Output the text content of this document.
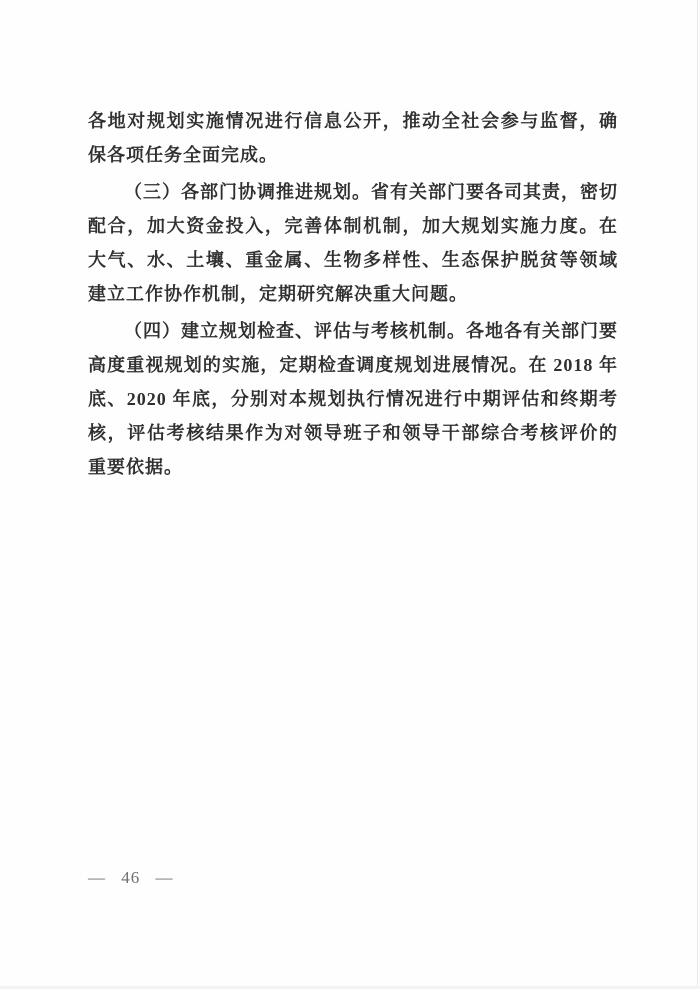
各地对规划实施情况进行信息公开，推动全社会参与监督，确保各项任务全面完成。

（三）各部门协调推进规划。省有关部门要各司其责，密切配合，加大资金投入，完善体制机制，加大规划实施力度。在大气、水、土壤、重金属、生物多样性、生态保护脱贫等领域建立工作协作机制，定期研究解决重大问题。

（四）建立规划检查、评估与考核机制。各地各有关部门要高度重视规划的实施，定期检查调度规划进展情况。在 2018 年底、2020 年底，分别对本规划执行情况进行中期评估和终期考核，评估考核结果作为对领导班子和领导干部综合考核评价的重要依据。

— 46 —
